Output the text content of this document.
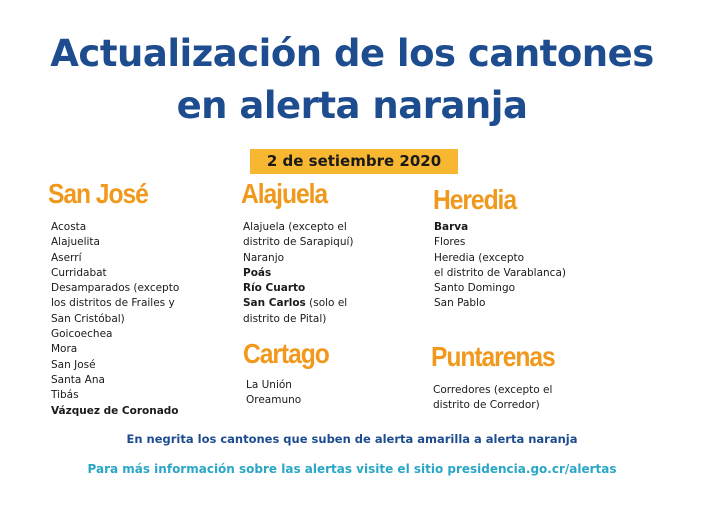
Actualización de los cantones
en alerta naranja
2 de setiembre 2020
San José
Acosta
Alajuelita
Aserrí
Curridabat
Desamparados (excepto
los distritos de Frailes y
San Cristóbal)
Goicoechea
Mora
San José
Santa Ana
Tibás
Vázquez de Coronado
Alajuela
Alajuela (excepto el
distrito de Sarapiquí)
Naranjo
Poás
Río Cuarto
San Carlos (solo el
distrito de Pital)
Heredia
Barva
Flores
Heredia (excepto
el distrito de Varablanca)
Santo Domingo
San Pablo
Cartago
La Unión
Oreamuno
Puntarenas
Corredores (excepto el
distrito de Corredor)
En negrita los cantones que suben de alerta amarilla a alerta naranja
Para más información sobre las alertas visite el sitio presidencia.go.cr/alertas
